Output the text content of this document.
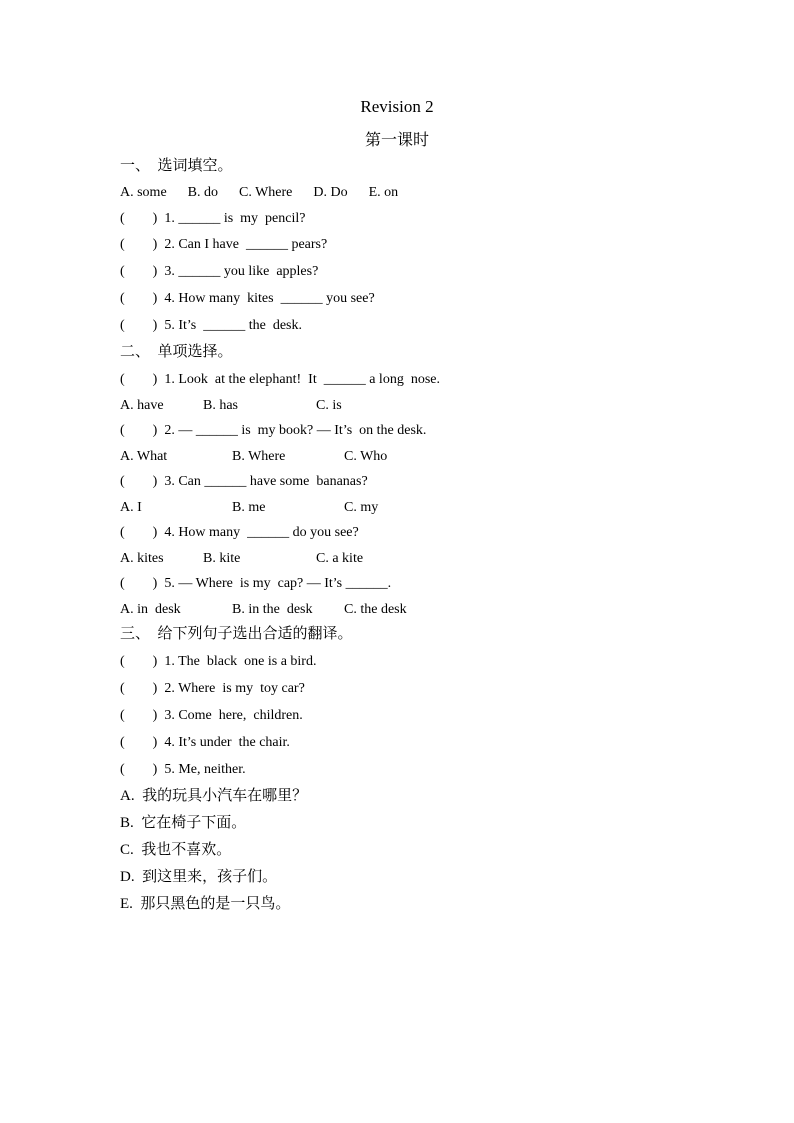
Revision 2
第一课时
一、  选词填空。
A. some      B. do      C. Where      D. Do      E. on
(        )  1. ______ is  my  pencil?
(        )  2. Can I have  ______ pears?
(        )  3. ______ you like  apples?
(        )  4. How many  kites  ______ you see?
(        )  5. It’s  ______ the  desk.
二、  单项选择。
(        )  1. Look  at the elephant!  It  ______ a long  nose.
A. have	B. has	C. is
(        )  2. — ______ is  my book? — It’s  on the desk.
A. What	B. Where	C. Who
(        )  3. Can ______ have some  bananas?
A. I	B. me	C. my
(        )  4. How many  ______ do you see?
A. kites	B. kite	C. a kite
(        )  5. — Where  is my  cap? — It’s ______.
A. in  desk	B. in the  desk C. the desk
三、  给下列句子选出合适的翻译。
(        )  1. The  black  one is a bird.
(        )  2. Where  is my  toy car?
(        )  3. Come  here,  children.
(        )  4. It’s under  the chair.
(        )  5. Me, neither.
A.  我的玩具小汽车在哪里？
B.  它在椅子下面。
C.  我也不喜欢。
D.  到这里来，孩子们。
E.  那只黑色的是一只鸟。
